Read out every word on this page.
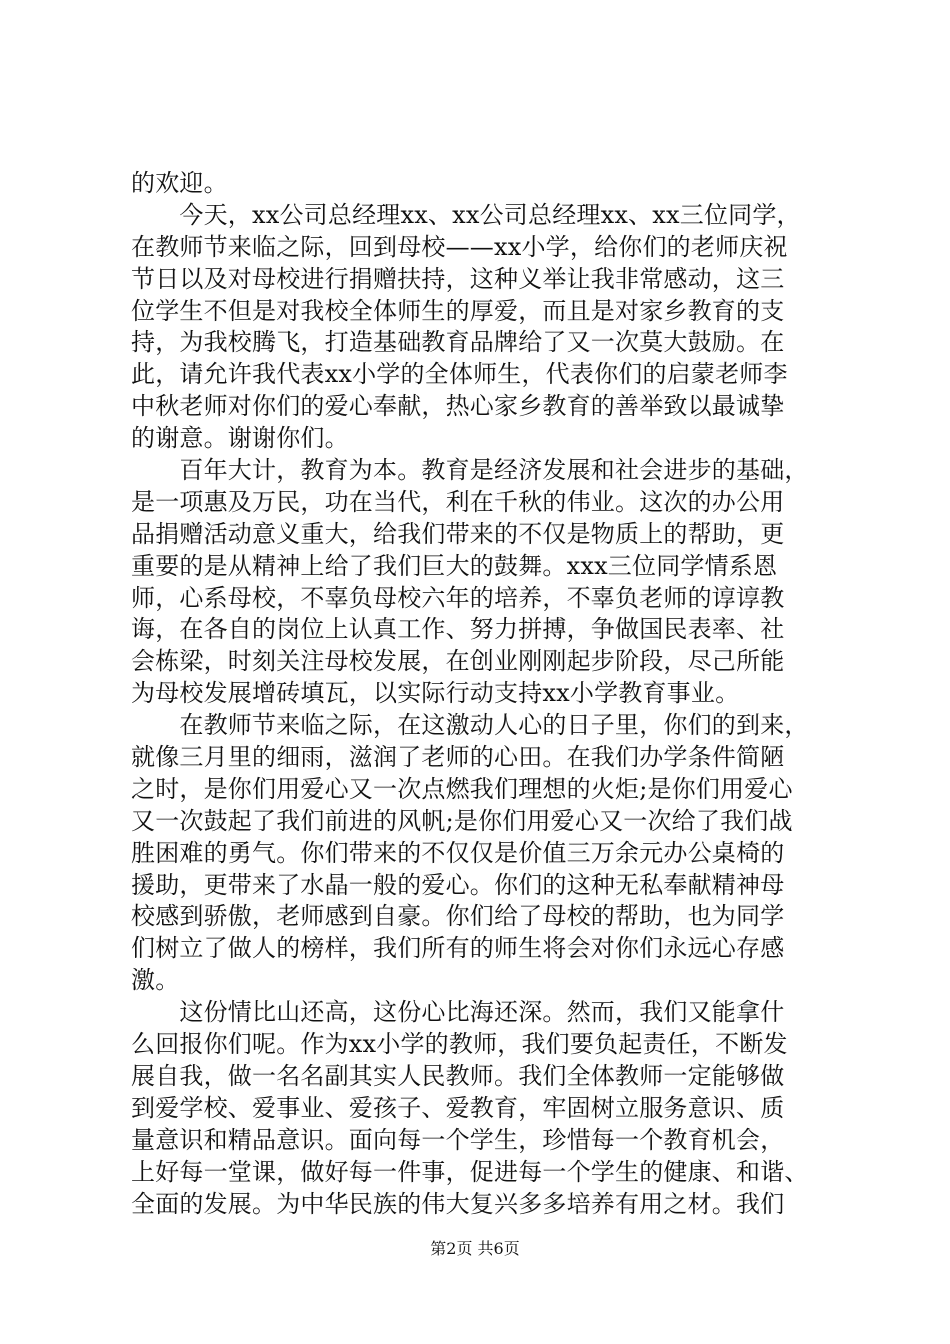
的欢迎。
　　今天，xx公司总经理xx、xx公司总经理xx、xx三位同学，
在教师节来临之际，回到母校——xx小学，给你们的老师庆祝
节日以及对母校进行捐赠扶持，这种义举让我非常感动，这三
位学生不但是对我校全体师生的厚爱，而且是对家乡教育的支
持，为我校腾飞，打造基础教育品牌给了又一次莫大鼓励。在
此，请允许我代表xx小学的全体师生，代表你们的启蒙老师李
中秋老师对你们的爱心奉献，热心家乡教育的善举致以最诚挚
的谢意。谢谢你们。
　　百年大计，教育为本。教育是经济发展和社会进步的基础，
是一项惠及万民，功在当代，利在千秋的伟业。这次的办公用
品捐赠活动意义重大，给我们带来的不仅是物质上的帮助，更
重要的是从精神上给了我们巨大的鼓舞。xxx三位同学情系恩
师，心系母校，不辜负母校六年的培养，不辜负老师的谆谆教
诲，在各自的岗位上认真工作、努力拼搏，争做国民表率、社
会栋梁，时刻关注母校发展，在创业刚刚起步阶段，尽己所能
为母校发展增砖填瓦，以实际行动支持xx小学教育事业。
　　在教师节来临之际，在这激动人心的日子里，你们的到来，
就像三月里的细雨，滋润了老师的心田。在我们办学条件简陋
之时，是你们用爱心又一次点燃我们理想的火炬;是你们用爱心
又一次鼓起了我们前进的风帆;是你们用爱心又一次给了我们战
胜困难的勇气。你们带来的不仅仅是价值三万余元办公桌椅的
援助，更带来了水晶一般的爱心。你们的这种无私奉献精神母
校感到骄傲，老师感到自豪。你们给了母校的帮助，也为同学
们树立了做人的榜样，我们所有的师生将会对你们永远心存感
激。
　　这份情比山还高，这份心比海还深。然而，我们又能拿什
么回报你们呢。作为xx小学的教师，我们要负起责任，不断发
展自我，做一名名副其实人民教师。我们全体教师一定能够做
到爱学校、爱事业、爱孩子、爱教育，牢固树立服务意识、质
量意识和精品意识。面向每一个学生，珍惜每一个教育机会，
上好每一堂课，做好每一件事，促进每一个学生的健康、和谐、
全面的发展。为中华民族的伟大复兴多多培养有用之材。我们
第2页 共6页
